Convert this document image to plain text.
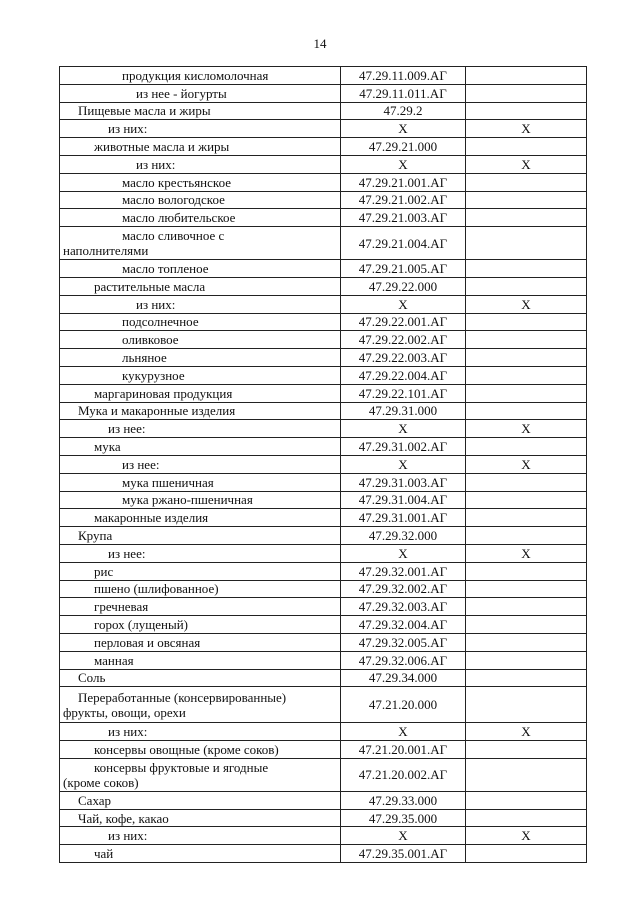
14
продукция кисломолочная	47.29.11.009.АГ	

из нее - йогурты	47.29.11.011.АГ	

Пищевые масла и жиры	47.29.2	

из них:	Х	Х

животные масла и жиры	47.29.21.000	

из них:	Х	Х

масло крестьянское	47.29.21.001.АГ	

масло вологодское	47.29.21.002.АГ	

масло любительское	47.29.21.003.АГ	

масло сливочное с
наполнителями	47.29.21.004.АГ	

масло топленое	47.29.21.005.АГ	

растительные масла	47.29.22.000	

из них:	Х	Х

подсолнечное	47.29.22.001.АГ	

оливковое	47.29.22.002.АГ	

льняное	47.29.22.003.АГ	

кукурузное	47.29.22.004.АГ	

маргариновая продукция	47.29.22.101.АГ	

Мука и макаронные изделия	47.29.31.000	

из нее:	Х	Х

мука	47.29.31.002.АГ	

из нее:	Х	Х

мука пшеничная	47.29.31.003.АГ	

мука ржано-пшеничная	47.29.31.004.АГ	

макаронные изделия	47.29.31.001.АГ	

Крупа	47.29.32.000	

из нее:	Х	Х

рис	47.29.32.001.АГ	

пшено (шлифованное)	47.29.32.002.АГ	

гречневая	47.29.32.003.АГ	

горох (лущеный)	47.29.32.004.АГ	

перловая и овсяная	47.29.32.005.АГ	

манная	47.29.32.006.АГ	

Соль	47.29.34.000	

Переработанные (консервированные)
фрукты, овощи, орехи	47.21.20.000	

из них:	Х	Х

консервы овощные (кроме соков)	47.21.20.001.АГ	

консервы фруктовые и ягодные
(кроме соков)	47.21.20.002.АГ	

Сахар	47.29.33.000	

Чай, кофе, какао	47.29.35.000	

из них:	Х	Х

чай	47.29.35.001.АГ	
